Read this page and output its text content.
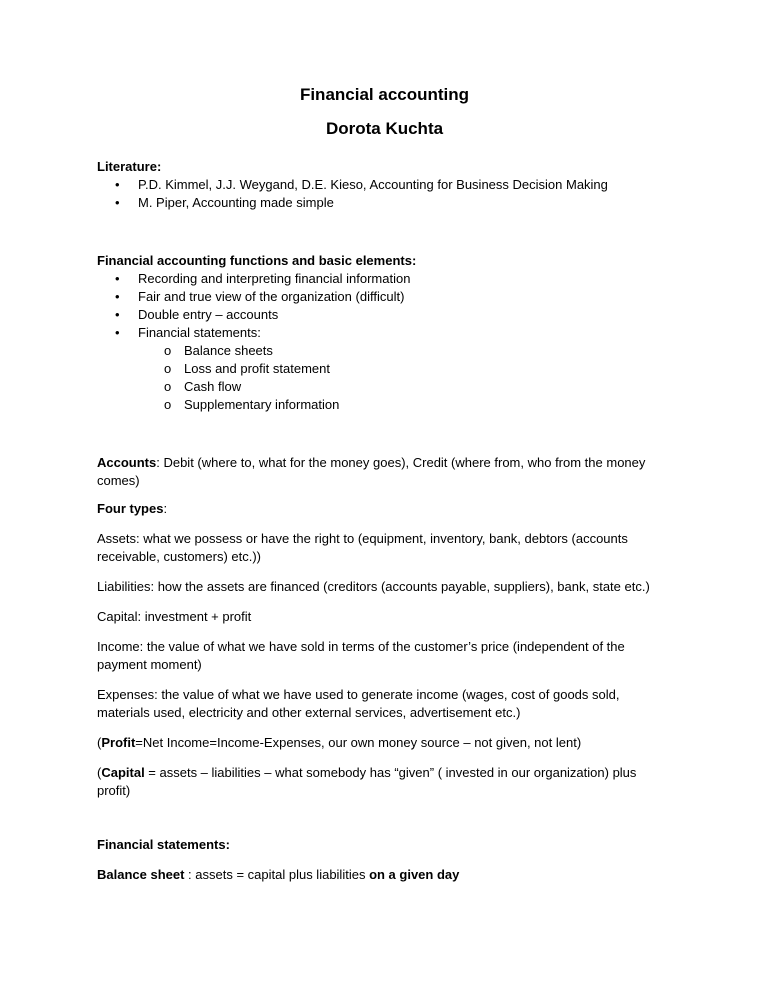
Financial accounting
Dorota Kuchta

Literature:

• P.D. Kimmel, J.J. Weygand, D.E. Kieso, Accounting for Business Decision Making
• M. Piper, Accounting made simple

Financial accounting functions and basic elements:

• Recording and interpreting financial information
• Fair and true view of the organization (difficult)
• Double entry – accounts
• Financial statements:
o Balance sheets
o Loss and profit statement
o Cash flow
o Supplementary information

Accounts: Debit (where to, what for the money goes), Credit (where from, who from the money comes)

Four types:

Assets: what we possess or have the right to (equipment, inventory, bank, debtors (accounts receivable, customers) etc.))

Liabilities: how the assets are financed (creditors (accounts payable, suppliers), bank, state etc.)

Capital: investment + profit

Income: the value of what we have sold in terms of the customer’s price (independent of the payment moment)

Expenses: the value of what we have used to generate income (wages, cost of goods sold, materials used, electricity and other external services, advertisement etc.)

(Profit=Net Income=Income-Expenses, our own money source – not given, not lent)

(Capital = assets – liabilities – what somebody has “given” ( invested in our organization) plus profit)

Financial statements:

Balance sheet : assets = capital plus liabilities on a given day
